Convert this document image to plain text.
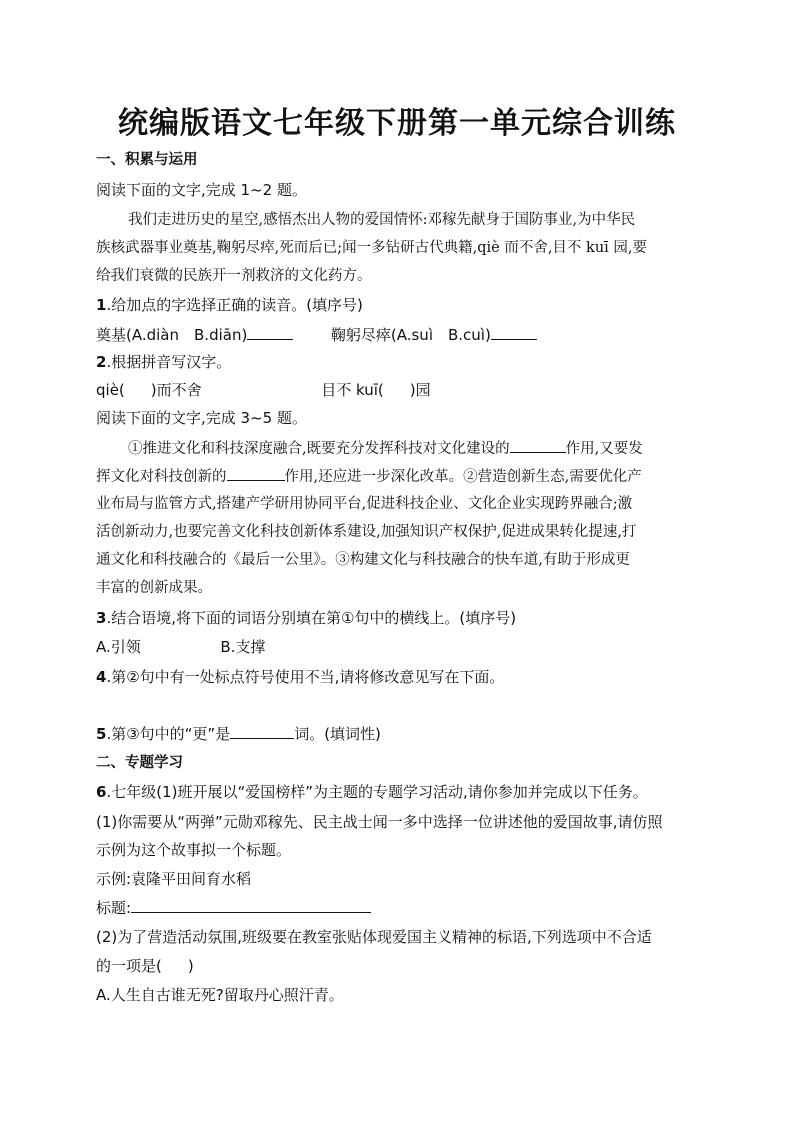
统编版语文七年级下册第一单元综合训练
一、积累与运用
阅读下面的文字,完成 1~2 题。
我们走进历史的星空,感悟杰出人物的爱国情怀:邓稼先献身于国防事业,为中华民
族核武器事业奠基,鞠躬尽瘁,死而后已;闻一多钻研古代典籍,qiè 而不舍,目不 kuī 园,要
给我们衰微的民族开一剂救济的文化药方。
1.给加点的字选择正确的读音。(填序号)
奠基(A.diàn　B.diān)	鞠躬尽瘁(A.suì　B.cuì)
2.根据拼音写汉字。
qiè( )而不舍	目不 kuī( )园
阅读下面的文字,完成 3~5 题。
①推进文化和科技深度融合,既要充分发挥科技对文化建设的	作用,又要发
挥文化对科技创新的	作用,还应进一步深化改革。②营造创新生态,需要优化产
业布局与监管方式,搭建产学研用协同平台,促进科技企业、文化企业实现跨界融合;激
活创新动力,也要完善文化科技创新体系建设,加强知识产权保护,促进成果转化提速,打
通文化和科技融合的《最后一公里》。③构建文化与科技融合的快车道,有助于形成更
丰富的创新成果。
3.结合语境,将下面的词语分别填在第①句中的横线上。(填序号)
A.引领	B.支撑
4.第②句中有一处标点符号使用不当,请将修改意见写在下面。
5.第③句中的“更”是	词。(填词性)
二、专题学习
6.七年级(1)班开展以“爱国榜样”为主题的专题学习活动,请你参加并完成以下任务。
(1)你需要从“两弹”元勋邓稼先、民主战士闻一多中选择一位讲述他的爱国故事,请仿照
示例为这个故事拟一个标题。
示例:袁隆平田间育水稻
标题:
(2)为了营造活动氛围,班级要在教室张贴体现爱国主义精神的标语,下列选项中不合适
的一项是( )
A.人生自古谁无死?留取丹心照汗青。
